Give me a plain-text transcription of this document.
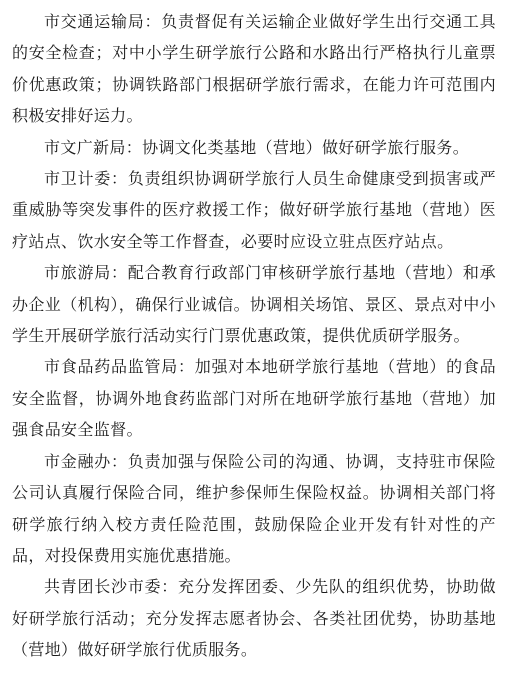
市交通运输局：负责督促有关运输企业做好学生出行交通工具的安全检查；对中小学生研学旅行公路和水路出行严格执行儿童票价优惠政策；协调铁路部门根据研学旅行需求，在能力许可范围内积极安排好运力。

市文广新局：协调文化类基地（营地）做好研学旅行服务。

市卫计委：负责组织协调研学旅行人员生命健康受到损害或严重威胁等突发事件的医疗救援工作；做好研学旅行基地（营地）医疗站点、饮水安全等工作督查，必要时应设立驻点医疗站点。

市旅游局：配合教育行政部门审核研学旅行基地（营地）和承办企业（机构），确保行业诚信。协调相关场馆、景区、景点对中小学生开展研学旅行活动实行门票优惠政策，提供优质研学服务。

市食品药品监管局：加强对本地研学旅行基地（营地）的食品安全监督，协调外地食药监部门对所在地研学旅行基地（营地）加强食品安全监督。

市金融办：负责加强与保险公司的沟通、协调，支持驻市保险公司认真履行保险合同，维护参保师生保险权益。协调相关部门将研学旅行纳入校方责任险范围，鼓励保险企业开发有针对性的产品，对投保费用实施优惠措施。

共青团长沙市委：充分发挥团委、少先队的组织优势，协助做好研学旅行活动；充分发挥志愿者协会、各类社团优势，协助基地（营地）做好研学旅行优质服务。
